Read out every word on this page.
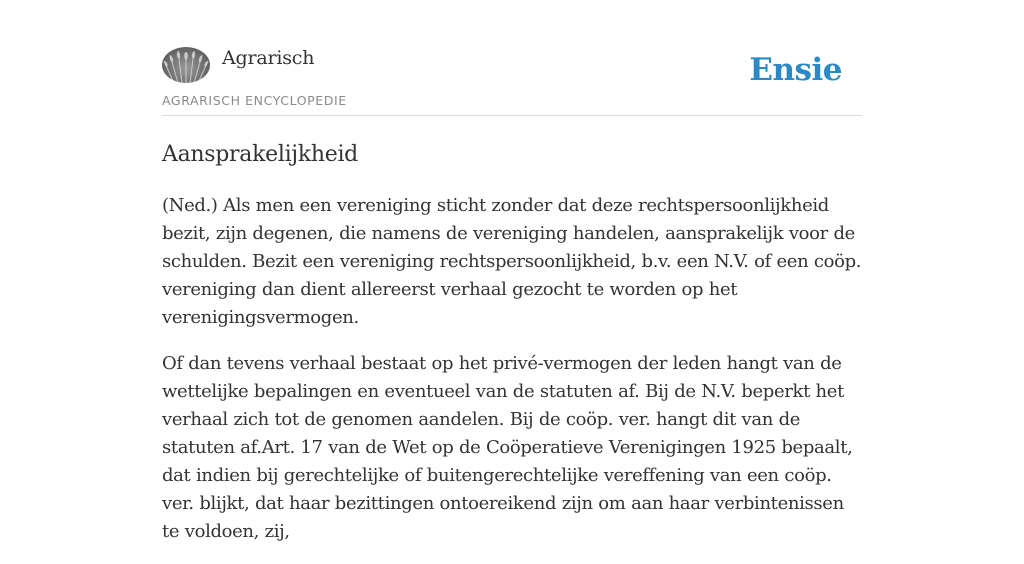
Agrarisch
AGRARISCH ENCYCLOPEDIE
Ensie
Aansprakelijkheid

(Ned.) Als men een vereniging sticht zonder dat deze rechtspersoonlijkheid bezit, zijn degenen, die namens de vereniging handelen, aansprakelijk voor de schulden. Bezit een vereniging rechtspersoonlijkheid, b.v. een N.V. of een coöp. vereniging dan dient allereerst verhaal gezocht te worden op het verenigingsvermogen.

Of dan tevens verhaal bestaat op het privé-vermogen der leden hangt van de wettelijke bepalingen en eventueel van de statuten af. Bij de N.V. beperkt het verhaal zich tot de genomen aandelen. Bij de coöp. ver. hangt dit van de statuten af.Art. 17 van de Wet op de Coöperatieve Verenigingen 1925 bepaalt, dat indien bij gerechtelijke of buitengerechtelijke vereffening van een coöp. ver. blijkt, dat haar bezittingen ontoereikend zijn om aan haar verbintenissen te voldoen, zij,
